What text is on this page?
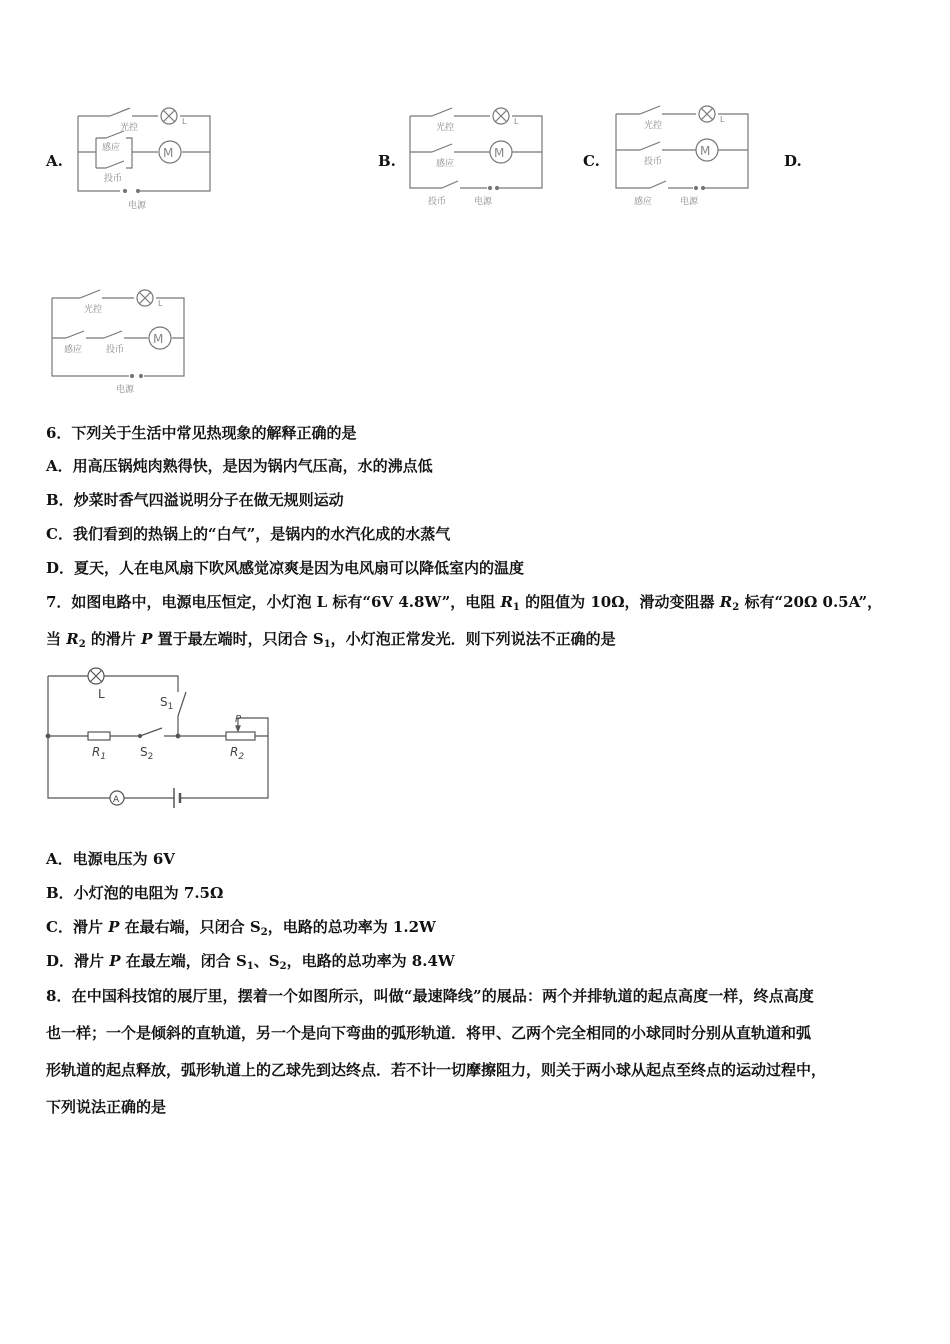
A.	B.	C.	D.
光控
L
感应
投币
M
电源
光控
L
感应
M
投币	电源
光控
L
投币
M
感应	电源
光控
L
感应	投币
M
电源
6．下列关于生活中常见热现象的解释正确的是
A．用高压锅炖肉熟得快，是因为锅内气压高，水的沸点低
B．炒菜时香气四溢说明分子在做无规则运动
C．我们看到的热锅上的“白气”，是锅内的水汽化成的水蒸气
D．夏天，人在电风扇下吹风感觉凉爽是因为电风扇可以降低室内的温度
7．如图电路中，电源电压恒定，小灯泡 L 标有“6V 4.8W”，电阻 $R_1$ 的阻值为 10Ω，滑动变阻器 $R_2$ 标有“20Ω 0.5A”，
当 $R_2$ 的滑片 P 置于最左端时，只闭合 $S_1$，小灯泡正常发光．则下列说法不正确的是
L
$S_1$
$R_1$	$S_2$
P
$R_2$
A
A．电源电压为 6V
B．小灯泡的电阻为 7.5Ω
C．滑片 P 在最右端，只闭合 $S_2$，电路的总功率为 1.2W
D．滑片 P 在最左端，闭合 $S_1$、$S_2$，电路的总功率为 8.4W
8．在中国科技馆的展厅里，摆着一个如图所示，叫做“最速降线”的展品：两个并排轨道的起点高度一样，终点高度
也一样；一个是倾斜的直轨道，另一个是向下弯曲的弧形轨道．将甲、乙两个完全相同的小球同时分别从直轨道和弧
形轨道的起点释放，弧形轨道上的乙球先到达终点．若不计一切摩擦阻力，则关于两小球从起点至终点的运动过程中，
下列说法正确的是
